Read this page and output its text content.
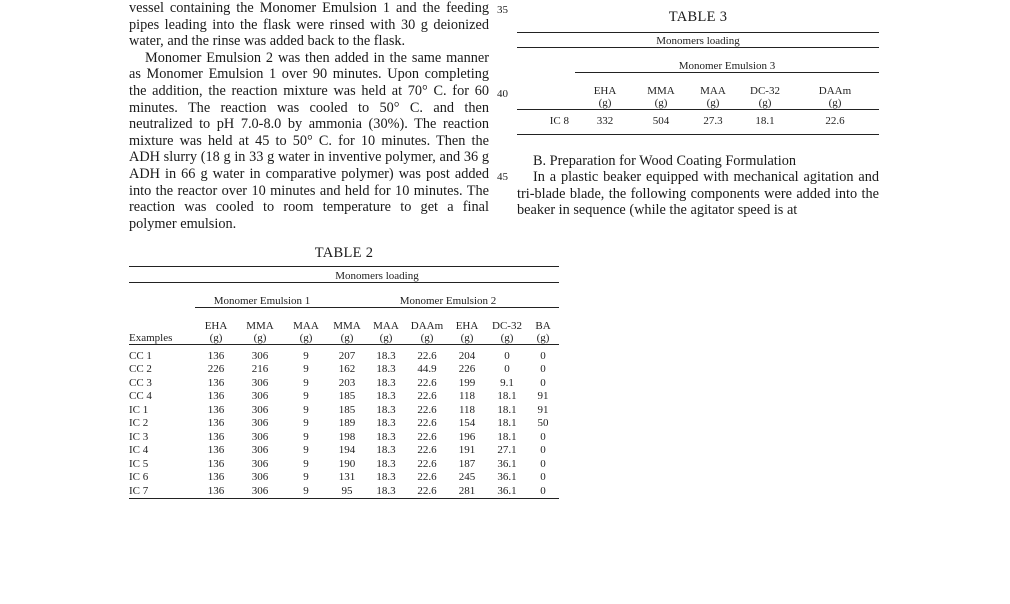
vessel containing the Monomer Emulsion 1 and the feeding pipes leading into the flask were rinsed with 30 g deionized water, and the rinse was added back to the flask.

Monomer Emulsion 2 was then added in the same manner as Monomer Emulsion 1 over 90 minutes. Upon completing the addition, the reaction mixture was held at 70° C. for 60 minutes. The reaction was cooled to 50° C. and then neutralized to pH 7.0-8.0 by ammonia (30%). The reaction mixture was held at 45 to 50° C. for 10 minutes. Then the ADH slurry (18 g in 33 g water in inventive polymer, and 36 g ADH in 66 g water in comparative polymer) was post added into the reactor over 10 minutes and held for 10 minutes. The reaction was cooled to room temperature to get a final polymer emulsion.

35
40
45
TABLE 2

	Monomers loading								

	Monomer Emulsion 1			Monomer Emulsion 2					

	EHA	MMA	MAA	MMA	MAA	DAAm	EHA	DC-32	BA
Examples	(g)	(g)	(g)	(g)	(g)	(g)	(g)	(g)	(g)

CC 1	136	306	9	207	18.3	22.6	204	0	0
CC 2	226	216	9	162	18.3	44.9	226	0	0
CC 3	136	306	9	203	18.3	22.6	199	9.1	0
CC 4	136	306	9	185	18.3	22.6	118	18.1	91
IC 1	136	306	9	185	18.3	22.6	118	18.1	91
IC 2	136	306	9	189	18.3	22.6	154	18.1	50
IC 3	136	306	9	198	18.3	22.6	196	18.1	0
IC 4	136	306	9	194	18.3	22.6	191	27.1	0
IC 5	136	306	9	190	18.3	22.6	187	36.1	0
IC 6	136	306	9	131	18.3	22.6	245	36.1	0
IC 7	136	306	9	95	18.3	22.6	281	36.1	0

TABLE 3

Monomers loading					

	Monomer Emulsion 3				

	EHA	MMA	MAA	DC-32	DAAm
	(g)	(g)	(g)	(g)	(g)

IC 8	332	504	27.3	18.1	22.6

B. Preparation for Wood Coating Formulation

In a plastic beaker equipped with mechanical agitation and tri-blade blade, the following components were added into the beaker in sequence (while the agitator speed is at
